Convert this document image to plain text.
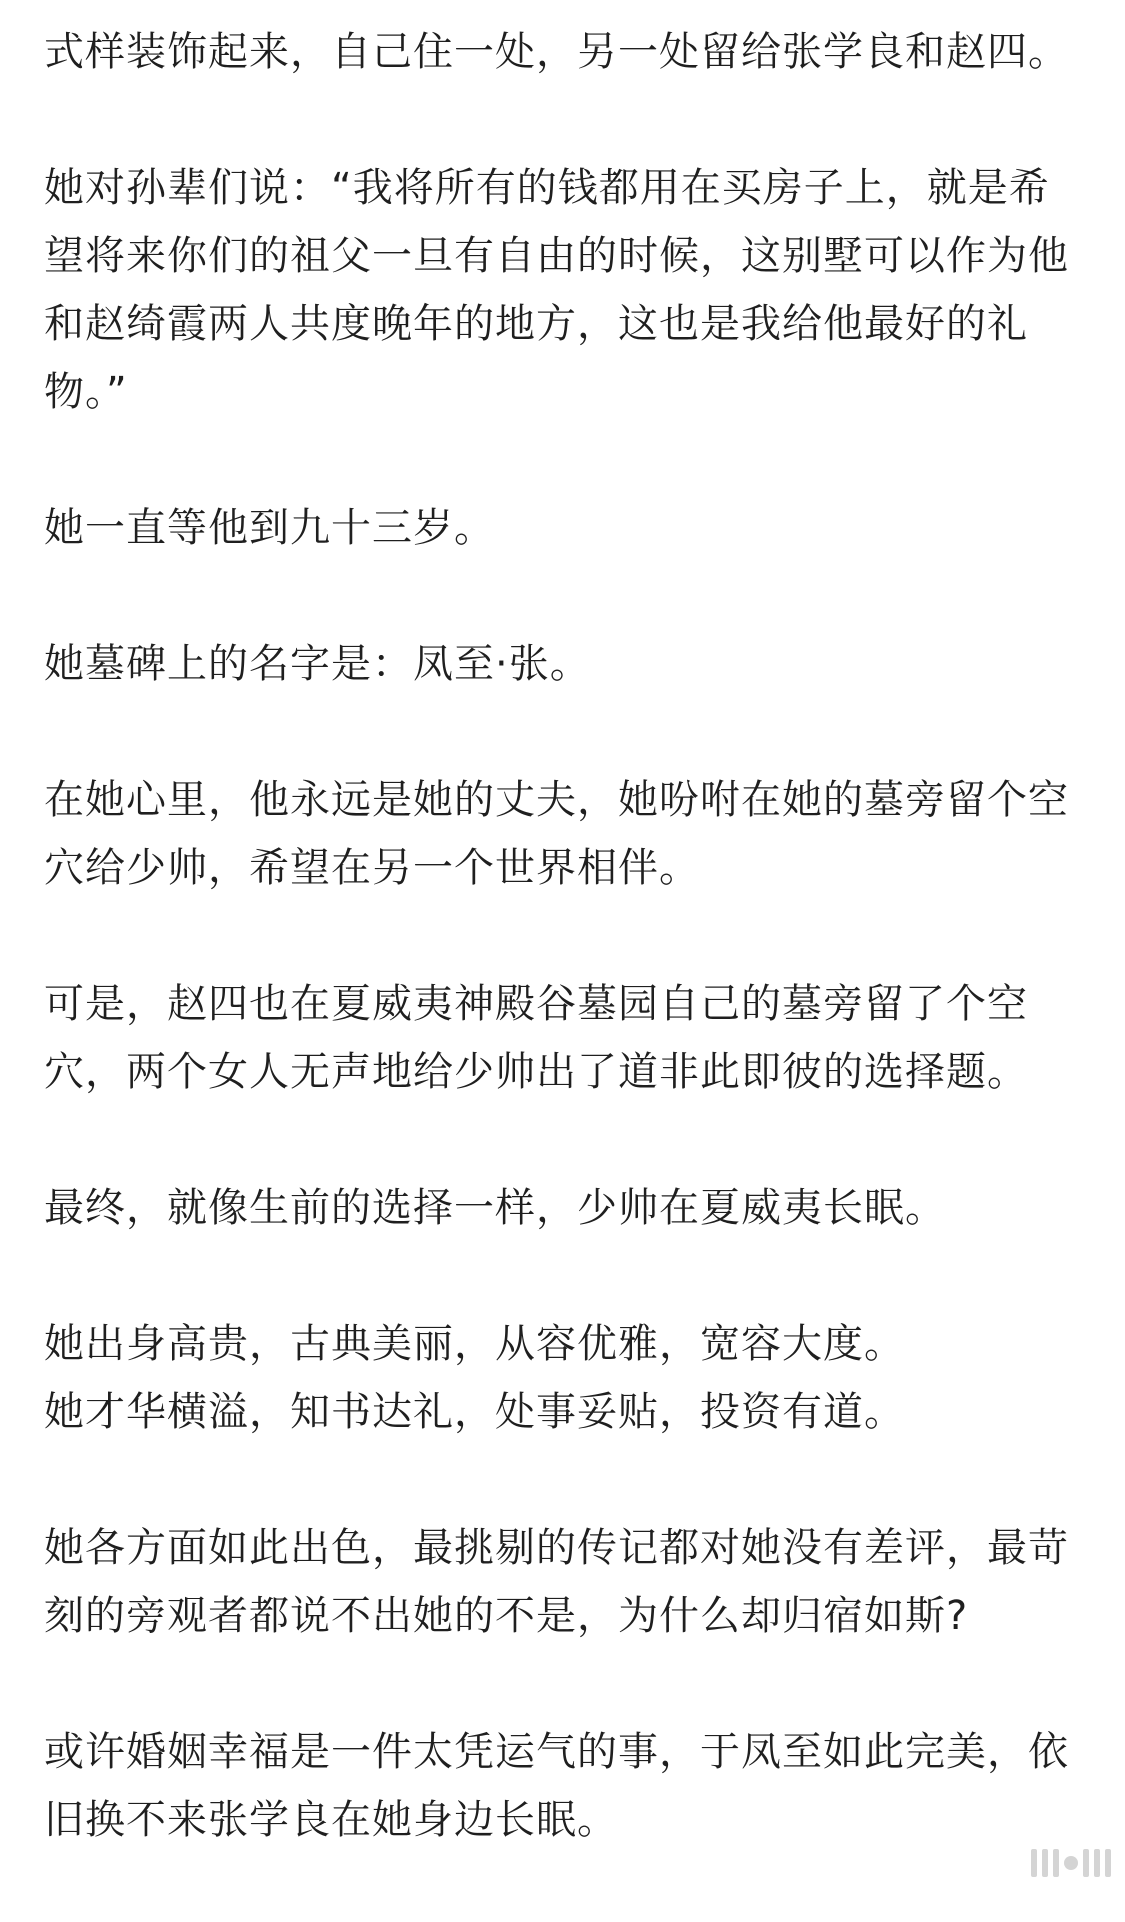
式样装饰起来，自己住一处，另一处留给张学良和赵四。

她对孙辈们说：“我将所有的钱都用在买房子上，就是希望将来你们的祖父一旦有自由的时候，这别墅可以作为他和赵绮霞两人共度晚年的地方，这也是我给他最好的礼物。”

她一直等他到九十三岁。

她墓碑上的名字是：凤至·张。

在她心里，他永远是她的丈夫，她吩咐在她的墓旁留个空穴给少帅，希望在另一个世界相伴。

可是，赵四也在夏威夷神殿谷墓园自己的墓旁留了个空穴，两个女人无声地给少帅出了道非此即彼的选择题。

最终，就像生前的选择一样，少帅在夏威夷长眠。

她出身高贵，古典美丽，从容优雅，宽容大度。

她才华横溢，知书达礼，处事妥贴，投资有道。

她各方面如此出色，最挑剔的传记都对她没有差评，最苛刻的旁观者都说不出她的不是，为什么却归宿如斯?

或许婚姻幸福是一件太凭运气的事，于凤至如此完美，依旧换不来张学良在她身边长眠。
